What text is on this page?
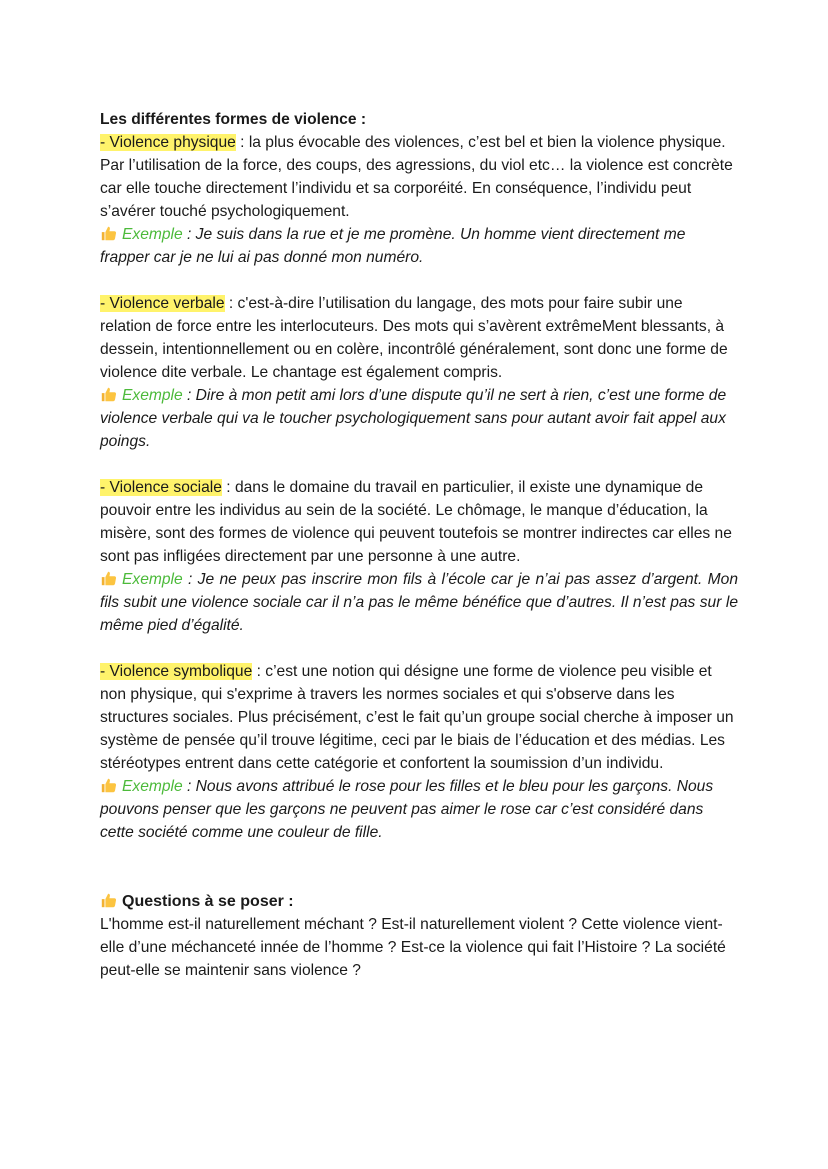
Les différentes formes de violence :

- Violence physique : la plus évocable des violences, c’est bel et bien la violence physique. Par l’utilisation de la force, des coups, des agressions, du viol etc… la violence est concrète car elle touche directement l’individu et sa corporéité. En conséquence, l’individu peut s’avérer touché psychologiquement.

Exemple : Je suis dans la rue et je me promène. Un homme vient directement me frapper car je ne lui ai pas donné mon numéro.

- Violence verbale : c'est-à-dire l’utilisation du langage, des mots pour faire subir une relation de force entre les interlocuteurs. Des mots qui s’avèrent extrêmeMent blessants, à dessein, intentionnellement ou en colère, incontrôlé généralement, sont donc une forme de violence dite verbale. Le chantage est également compris.

Exemple : Dire à mon petit ami lors d’une dispute qu’il ne sert à rien, c’est une forme de violence verbale qui va le toucher psychologiquement sans pour autant avoir fait appel aux poings.

- Violence sociale : dans le domaine du travail en particulier, il existe une dynamique de pouvoir entre les individus au sein de la société. Le chômage, le manque d’éducation, la misère, sont des formes de violence qui peuvent toutefois se montrer indirectes car elles ne sont pas infligées directement par une personne à une autre.

Exemple : Je ne peux pas inscrire mon fils à l’école car je n’ai pas assez d’argent. Mon fils subit une violence sociale car il n’a pas le même bénéfice que d’autres. Il n’est pas sur le même pied d’égalité.

- Violence symbolique : c’est une notion qui désigne une forme de violence peu visible et non physique, qui s'exprime à travers les normes sociales et qui s'observe dans les structures sociales. Plus précisément, c’est le fait qu’un groupe social cherche à imposer un système de pensée qu’il trouve légitime, ceci par le biais de l’éducation et des médias. Les stéréotypes entrent dans cette catégorie et confortent la soumission d’un individu.

Exemple : Nous avons attribué le rose pour les filles et le bleu pour les garçons. Nous pouvons penser que les garçons ne peuvent pas aimer le rose car c’est considéré dans cette société comme une couleur de fille.

Questions à se poser :

L'homme est-il naturellement méchant ? Est-il naturellement violent ? Cette violence vient-elle d’une méchanceté innée de l’homme ? Est-ce la violence qui fait l’Histoire ? La société peut-elle se maintenir sans violence ?
